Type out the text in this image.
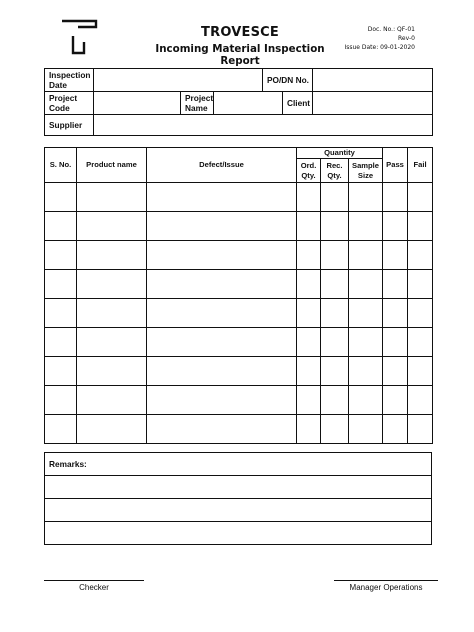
TROVESCE
Incoming Material Inspection Report
Doc. No.: QF-01
Rev-0
Issue Date: 09-01-2020
Inspection Date				PO/DN No.		
Project Code		Project Name			Client	
Supplier						
S. No.	Product name	Defect/Issue	Quantity			Pass	Fail
			Ord. Qty.	Rec. Qty.	Sample Size		

Remarks:

Checker	Manager Operations
